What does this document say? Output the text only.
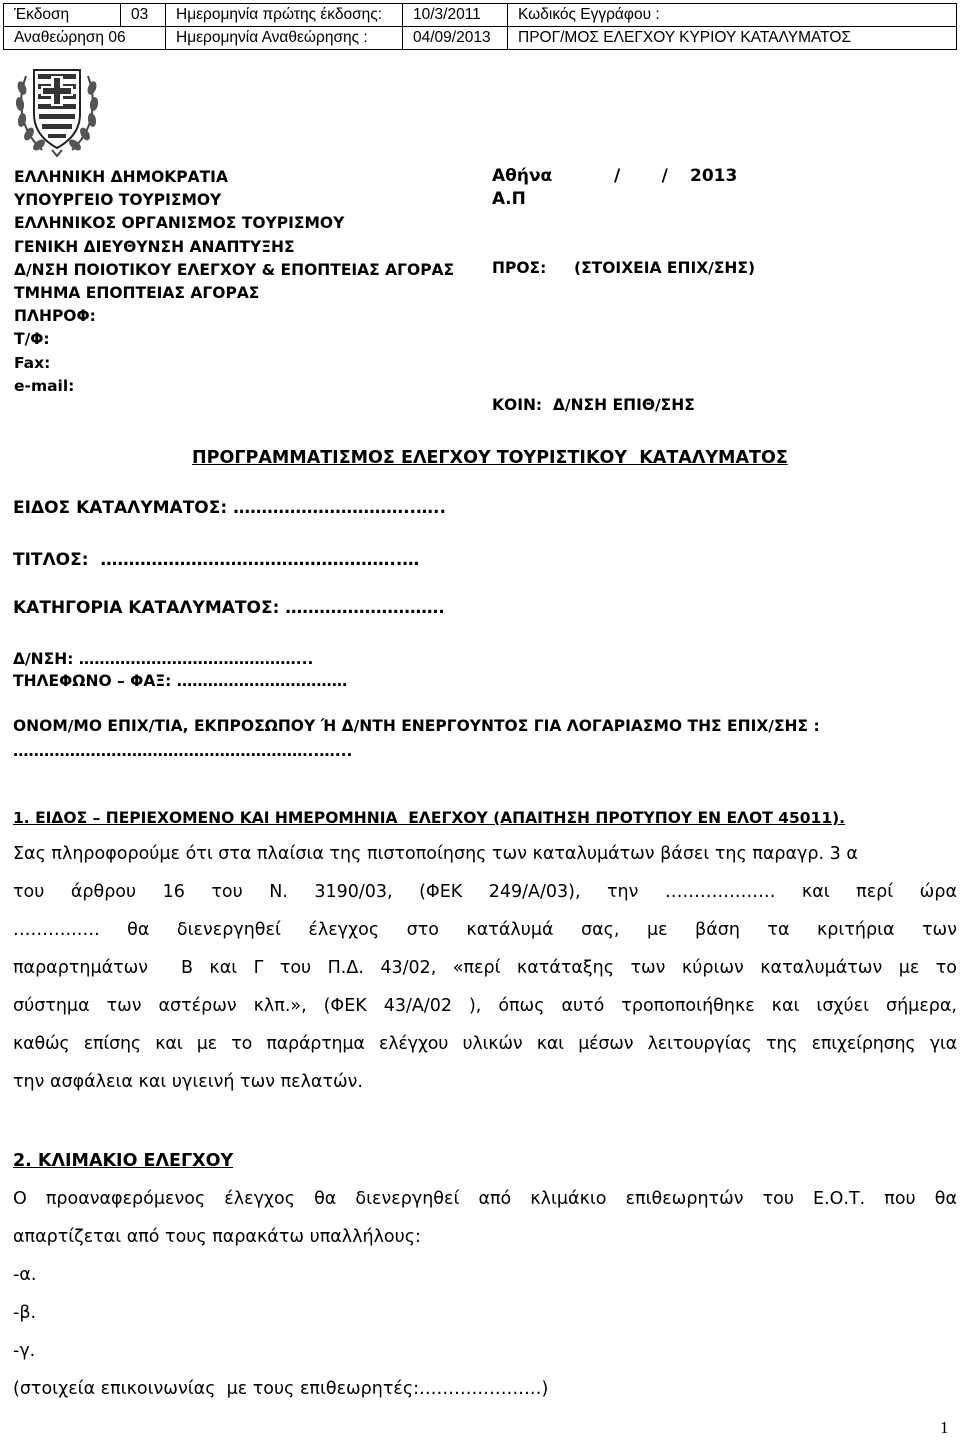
Έκδοση	03	Ημερομηνία πρώτης έκδοσης:	10/3/2011	Κωδικός Εγγράφου :
Αναθεώρηση 06		Ημερομηνία Αναθεώρησης :	04/09/2013	ΠΡΟΓ/ΜΟΣ ΕΛΕΓΧΟΥ ΚΥΡΙΟΥ ΚΑΤΑΛΥΜΑΤΟΣ
ΕΛΛΗΝΙΚΗ ΔΗΜΟΚΡΑΤΙΑ
ΥΠΟΥΡΓΕΙΟ ΤΟΥΡΙΣΜΟΥ
ΕΛΛΗΝΙΚΟΣ ΟΡΓΑΝΙΣΜΟΣ ΤΟΥΡΙΣΜΟΥ
ΓΕΝΙΚΗ ΔΙΕΥΘΥΝΣΗ ΑΝΑΠΤΥΞΗΣ
Δ/ΝΣΗ ΠΟΙΟΤΙΚΟΥ ΕΛΕΓΧΟΥ & ΕΠΟΠΤΕΙΑΣ ΑΓΟΡΑΣ
ΤΜΗΜΑ ΕΠΟΠΤΕΙΑΣ ΑΓΟΡΑΣ
ΠΛΗΡΟΦ:
Τ/Φ:
Fax:
e-mail:
Αθήνα	/       / 2013
Α.Π
ΠΡΟΣ: (ΣΤΟΙΧΕΙΑ ΕΠΙΧ/ΣΗΣ)
ΚΟΙΝ:  Δ/ΝΣΗ ΕΠΙΘ/ΣΗΣ
ΠΡΟΓΡΑΜΜΑΤΙΣΜΟΣ ΕΛΕΓΧΟΥ ΤΟΥΡΙΣΤΙΚΟΥ  ΚΑΤΑΛΥΜΑΤΟΣ
ΕΙΔΟΣ ΚΑΤΑΛΥΜΑΤΟΣ: …………………………..…..
ΤΙΤΛΟΣ:  ……………………………………………..…
ΚΑΤΗΓΟΡΙΑ ΚΑΤΑΛΥΜΑΤΟΣ: ……………………….
Δ/ΝΣΗ: ……………………………………...
ΤΗΛΕΦΩΝΟ – ΦΑΞ: ……………………………
ΟΝΟΜ/ΜΟ ΕΠΙΧ/ΤΙΑ, ΕΚΠΡΟΣΩΠΟΥ Ή Δ/ΝΤΗ ΕΝΕΡΓΟΥΝΤΟΣ ΓΙΑ ΛΟΓΑΡΙΑΣΜΟ ΤΗΣ ΕΠΙΧ/ΣΗΣ :
…………………………………………………..…...
1. ΕΙΔΟΣ – ΠΕΡΙΕΧΟΜΕΝΟ ΚΑΙ ΗΜΕΡΟΜΗΝΙΑ  ΕΛΕΓΧΟΥ (ΑΠΑΙΤΗΣΗ ΠΡΟΤΥΠΟΥ ΕΝ ΕΛΟΤ 45011).
Σας πληροφορούμε ότι στα πλαίσια της πιστοποίησης των καταλυμάτων βάσει της παραγρ. 3 α
του άρθρου 16 του Ν. 3190/03, (ΦΕΚ 249/Α/03), την ………….…… και περί ώρα
………..…. θα διενεργηθεί έλεγχος στο κατάλυμά σας, με βάση τα κριτήρια των
παραρτημάτων  Β και Γ του Π.Δ. 43/02, «περί κατάταξης των κύριων καταλυμάτων με το
σύστημα των αστέρων κλπ.», (ΦΕΚ 43/Α/02 ), όπως αυτό τροποποιήθηκε και ισχύει σήμερα,
καθώς επίσης και με το παράρτημα ελέγχου υλικών και μέσων λειτουργίας της επιχείρησης για
την ασφάλεια και υγιεινή των πελατών.
2. ΚΛΙΜΑΚΙΟ ΕΛΕΓΧΟΥ
Ο προαναφερόμενος έλεγχος θα διενεργηθεί από κλιμάκιο επιθεωρητών του Ε.Ο.Τ. που θα
απαρτίζεται από τους παρακάτω υπαλλήλους:
-α.
-β.
-γ.
(στοιχεία επικοινωνίας  με τους επιθεωρητές:…………………)
1
